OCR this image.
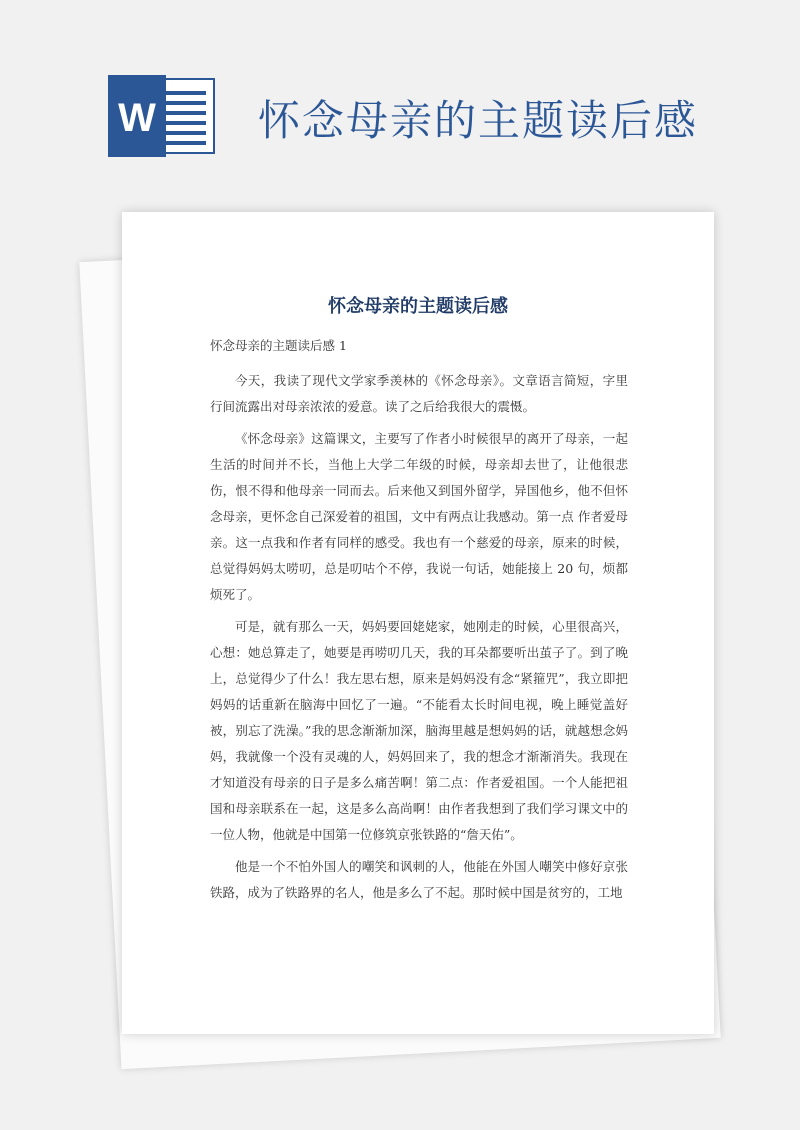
W 怀念母亲的主题读后感
怀念母亲的主题读后感
怀念母亲的主题读后感 1

今天，我读了现代文学家季羡林的《怀念母亲》。文章语言简短，字里行间流露出对母亲浓浓的爱意。读了之后给我很大的震慑。

《怀念母亲》这篇课文，主要写了作者小时候很早的离开了母亲，一起生活的时间并不长，当他上大学二年级的时候，母亲却去世了，让他很悲伤，恨不得和他母亲一同而去。后来他又到国外留学，异国他乡，他不但怀念母亲，更怀念自己深爱着的祖国，文中有两点让我感动。第一点 作者爱母亲。这一点我和作者有同样的感受。我也有一个慈爱的母亲，原来的时候，总觉得妈妈太唠叨，总是叨咕个不停，我说一句话，她能接上 20 句，烦都烦死了。

可是，就有那么一天，妈妈要回姥姥家，她刚走的时候，心里很高兴，心想：她总算走了，她要是再唠叨几天，我的耳朵都要听出茧子了。到了晚上，总觉得少了什么！我左思右想，原来是妈妈没有念“紧箍咒”，我立即把妈妈的话重新在脑海中回忆了一遍。“不能看太长时间电视，晚上睡觉盖好被，别忘了洗澡。”我的思念渐渐加深，脑海里越是想妈妈的话，就越想念妈妈，我就像一个没有灵魂的人，妈妈回来了，我的想念才渐渐消失。我现在才知道没有母亲的日子是多么痛苦啊！第二点：作者爱祖国。一个人能把祖国和母亲联系在一起，这是多么高尚啊！由作者我想到了我们学习课文中的一位人物，他就是中国第一位修筑京张铁路的“詹天佑”。

他是一个不怕外国人的嘲笑和讽刺的人，他能在外国人嘲笑中修好京张铁路，成为了铁路界的名人，他是多么了不起。那时候中国是贫穷的，工地
